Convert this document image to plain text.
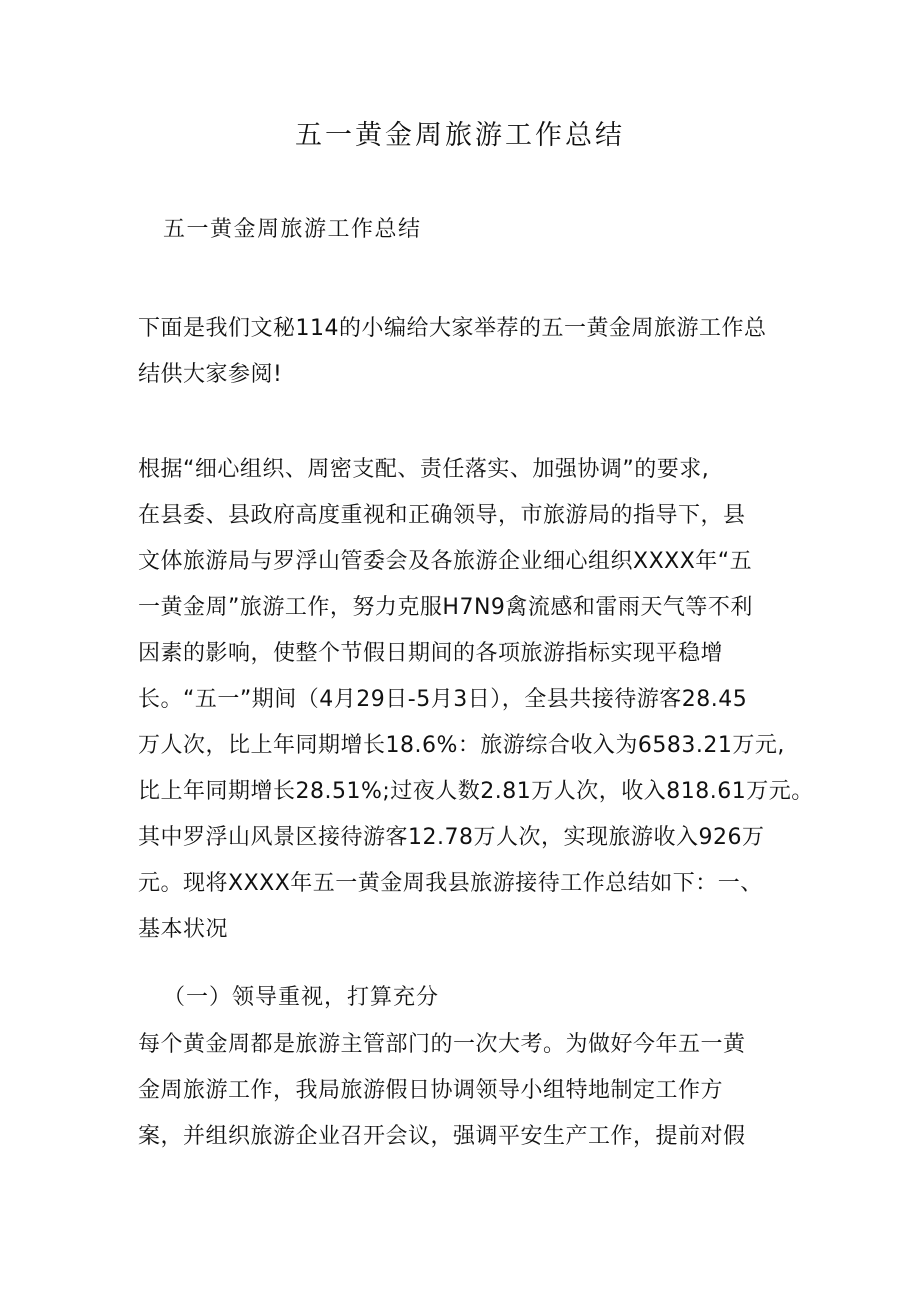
五一黄金周旅游工作总结

五一黄金周旅游工作总结

下面是我们文秘114的小编给大家举荐的五一黄金周旅游工作总
结供大家参阅!
根据“细心组织、周密支配、责任落实、加强协调”的要求,
在县委、县政府高度重视和正确领导，市旅游局的指导下，县
文体旅游局与罗浮山管委会及各旅游企业细心组织XXXX年“五
一黄金周”旅游工作，努力克服H7N9禽流感和雷雨天气等不利
因素的影响，使整个节假日期间的各项旅游指标实现平稳增
长。“五一”期间（4月29日-5月3日），全县共接待游客28.45
万人次，比上年同期增长18.6%：旅游综合收入为6583.21万元,
比上年同期增长28.51%;过夜人数2.81万人次，收入818.61万元。
其中罗浮山风景区接待游客12.78万人次，实现旅游收入926万
元。现将XXXX年五一黄金周我县旅游接待工作总结如下：一、
基本状况

（一）领导重视，打算充分

每个黄金周都是旅游主管部门的一次大考。为做好今年五一黄
金周旅游工作，我局旅游假日协调领导小组特地制定工作方
案，并组织旅游企业召开会议，强调平安生产工作，提前对假
